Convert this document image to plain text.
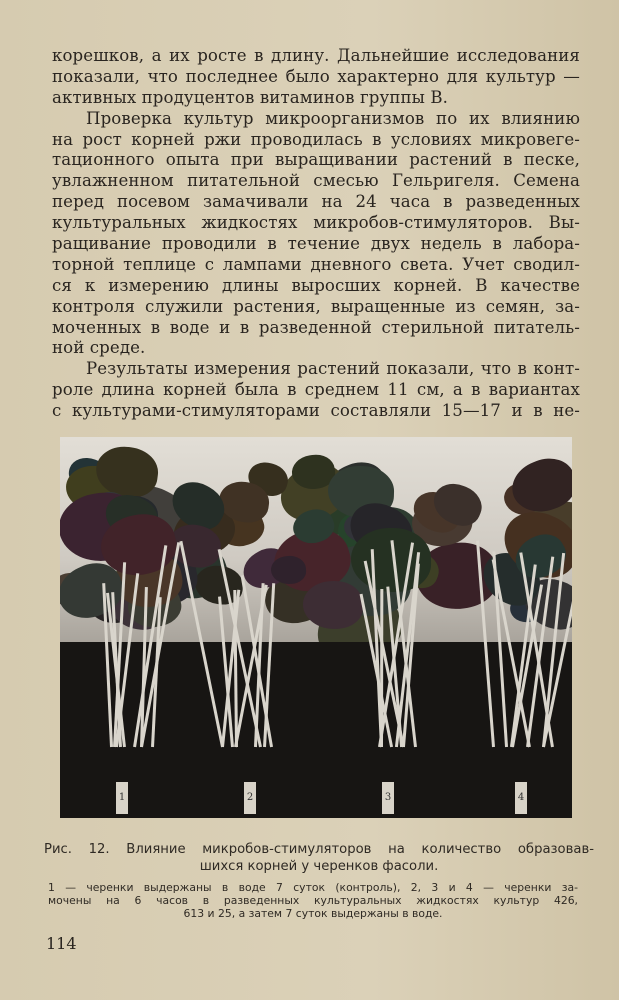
корешков, а их росте в длину. Дальнейшие исследования
показали, что последнее было характерно для культур —
активных продуцентов витаминов группы В.
Проверка культур микроорганизмов по их влиянию
на рост корней ржи проводилась в условиях микровеге-
тационного опыта при выращивании растений в песке,
увлажненном питательной смесью Гельригеля. Семена
перед посевом замачивали на 24 часа в разведенных
культуральных жидкостях микробов-стимуляторов. Вы-
ращивание проводили в течение двух недель в лабора-
торной теплице с лампами дневного света. Учет сводил-
ся к измерению длины выросших корней. В качестве
контроля служили растения, выращенные из семян, за-
моченных в воде и в разведенной стерильной питатель-
ной среде.
Результаты измерения растений показали, что в конт-
роле длина корней была в среднем 11 см, а в вариантах
с культурами-стимуляторами составляли 15—17 и в не-
1	2	3	4
Рис. 12. Влияние микробов-стимуляторов на количество образовав-
шихся корней у черенков фасоли.
1 — черенки выдержаны в воде 7 суток (контроль), 2, 3 и 4 — черенки за-
мочены на 6 часов в разведенных культуральных жидкостях культур 426,
613 и 25, а затем 7 суток выдержаны в воде.
114
